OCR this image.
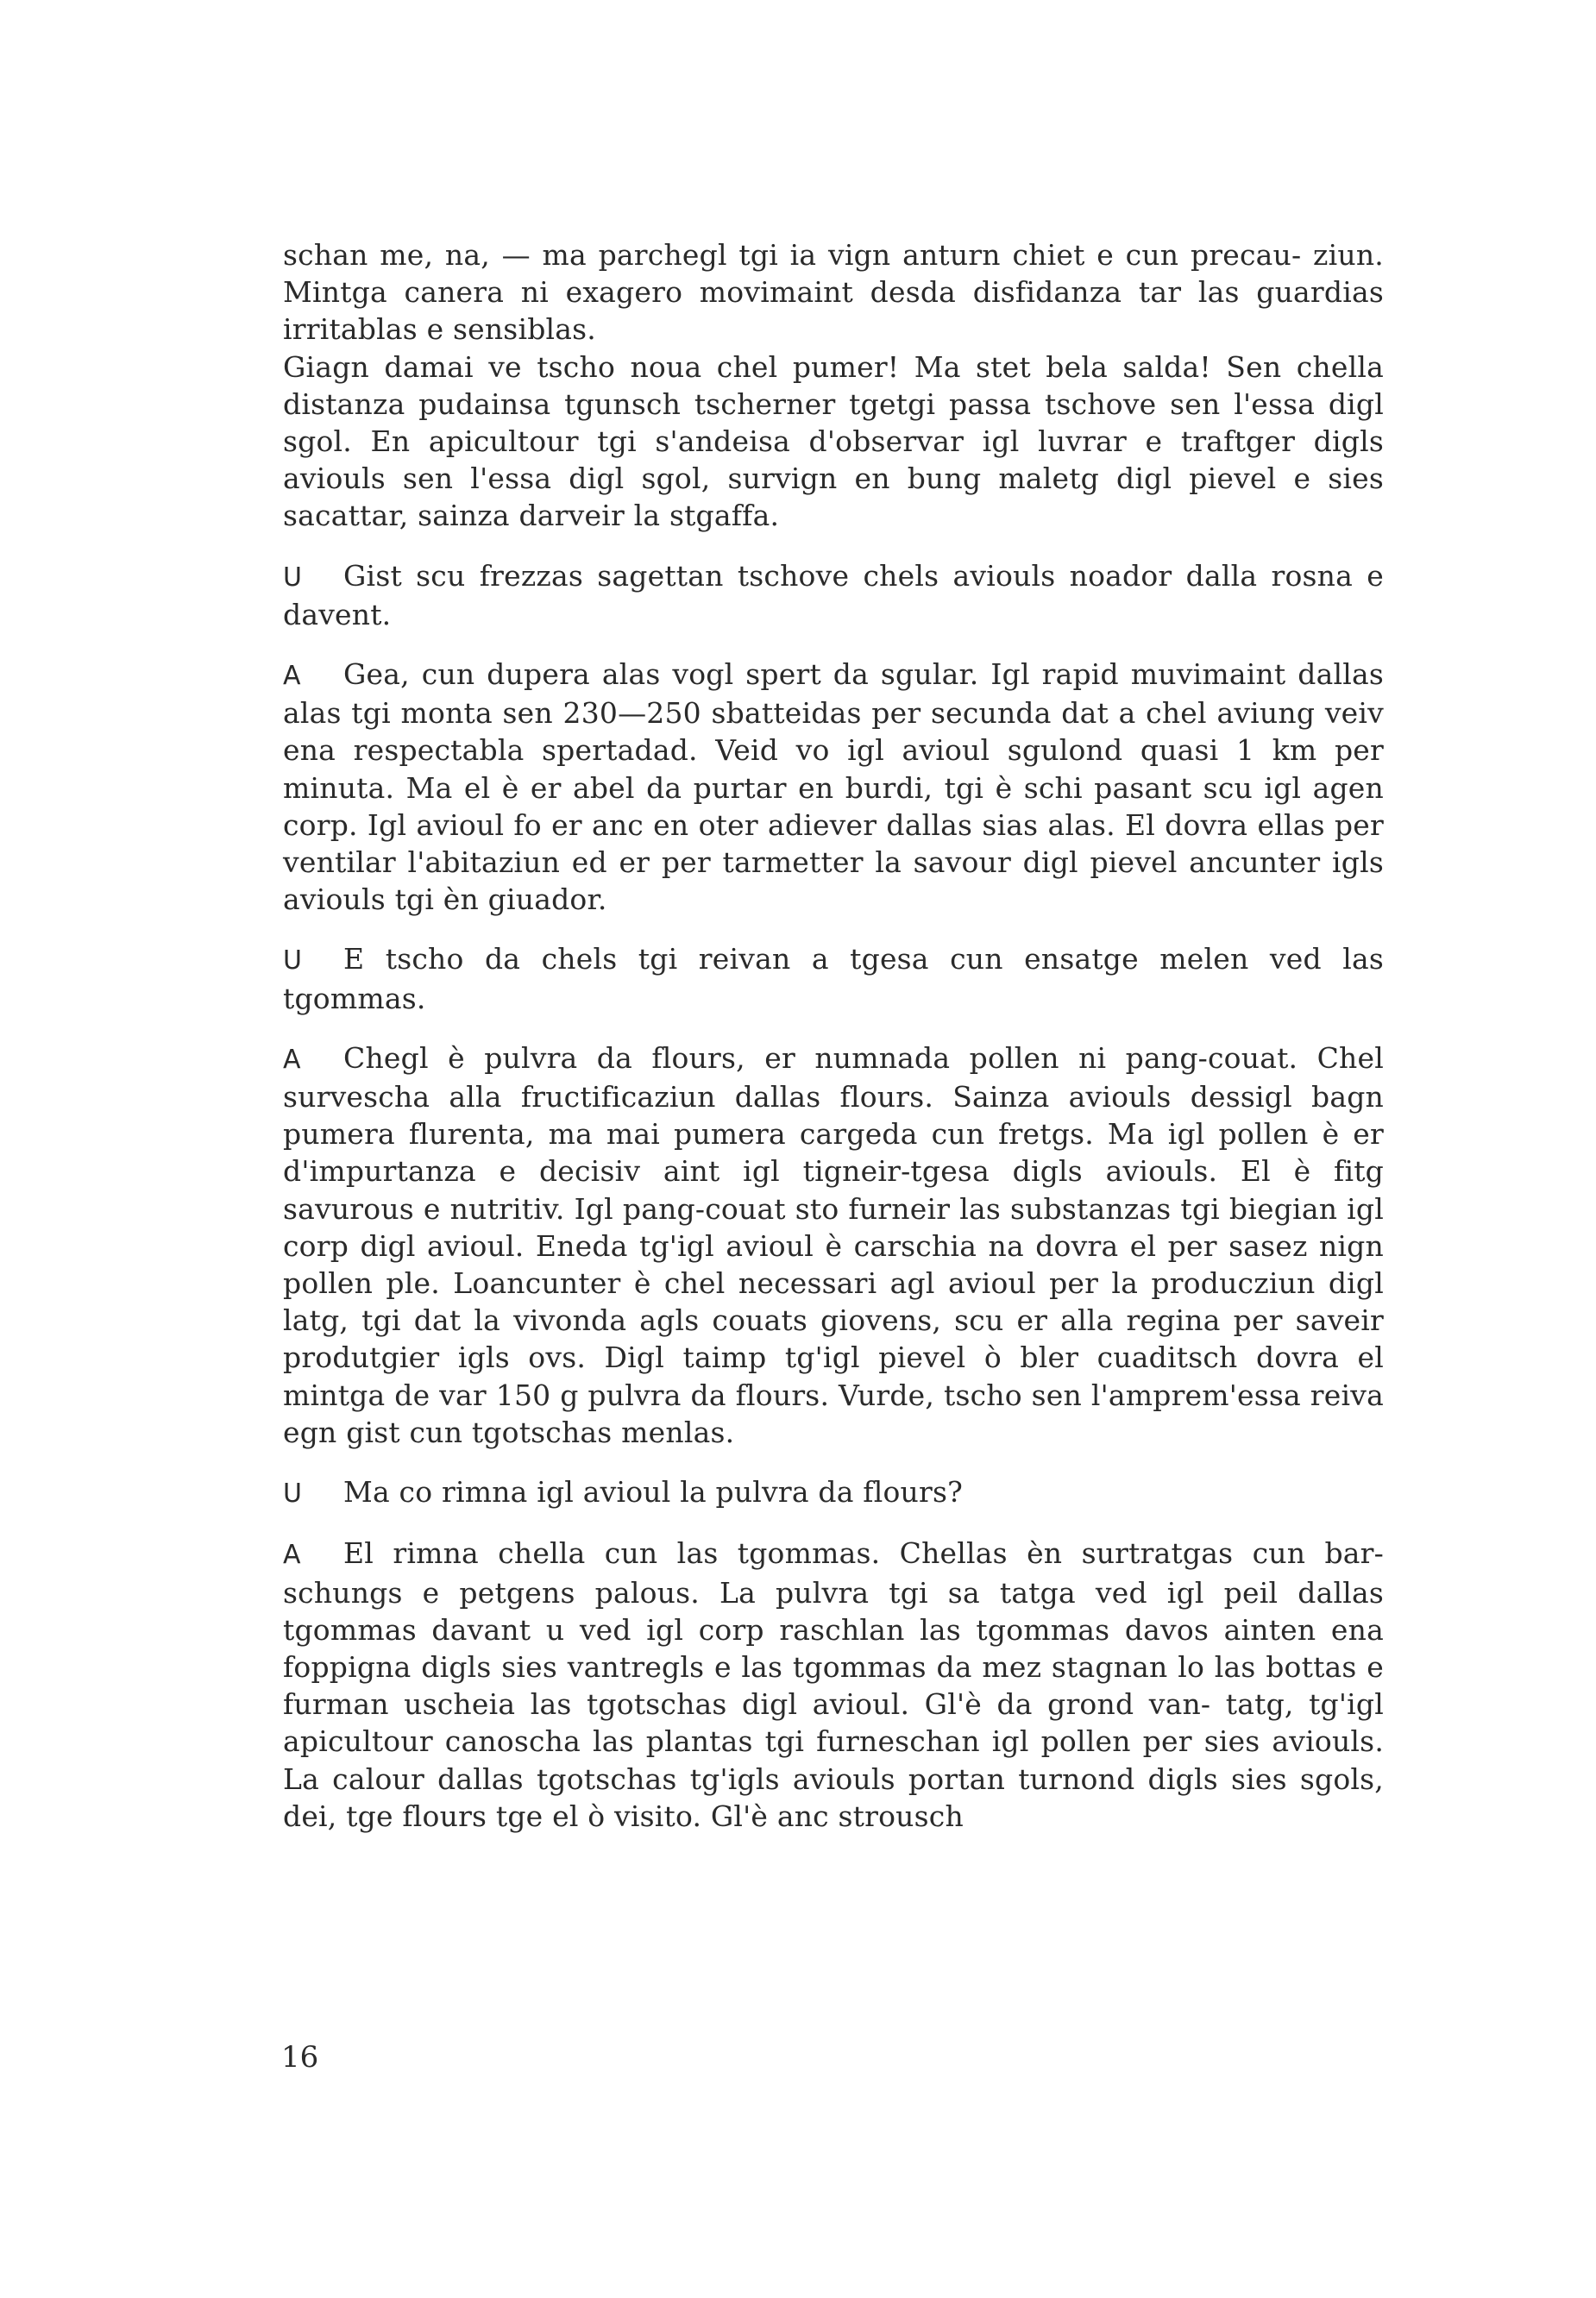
schan me, na, — ma parchegl tgi ia vign anturn chiet e cun precau- ziun. Mintga canera ni exagero movimaint desda disfidanza tar las guardias irritablas e sensiblas.

Giagn damai ve tscho noua chel pumer! Ma stet bela salda! Sen chella distanza pudainsa tgunsch tscherner tgetgi passa tschove sen l'essa digl sgol. En apicultour tgi s'andeisa d'observar igl luvrar e traftger digls aviouls sen l'essa digl sgol, survign en bung maletg digl pievel e sies sacattar, sainza darveir la stgaffa.

U Gist scu frezzas sagettan tschove chels aviouls noador dalla rosna e davent.

A Gea, cun dupera alas vogl spert da sgular. Igl rapid muvimaint dallas alas tgi monta sen 230—250 sbatteidas per secunda dat a chel aviung veiv ena respectabla spertadad. Veid vo igl avioul sgulond quasi 1 km per minuta. Ma el è er abel da purtar en burdi, tgi è schi pasant scu igl agen corp. Igl avioul fo er anc en oter adiever dallas sias alas. El dovra ellas per ventilar l'abitaziun ed er per tarmetter la savour digl pievel ancunter igls aviouls tgi èn giuador.

U E tscho da chels tgi reivan a tgesa cun ensatge melen ved las tgommas.

A Chegl è pulvra da flours, er numnada pollen ni pang-couat. Chel survescha alla fructificaziun dallas flours. Sainza aviouls dessigl bagn pumera flurenta, ma mai pumera cargeda cun fretgs. Ma igl pollen è er d'impurtanza e decisiv aint igl tigneir-tgesa digls aviouls. El è fitg savurous e nutritiv. Igl pang-couat sto furneir las substanzas tgi biegian igl corp digl avioul. Eneda tg'igl avioul è carschia na dovra el per sasez nign pollen ple. Loancunter è chel necessari agl avioul per la producziun digl latg, tgi dat la vivonda agls couats giovens, scu er alla regina per saveir produtgier igls ovs. Digl taimp tg'igl pievel ò bler cuaditsch dovra el mintga de var 150 g pulvra da flours. Vurde, tscho sen l'amprem'essa reiva egn gist cun tgotschas menlas.

U Ma co rimna igl avioul la pulvra da flours?

A El rimna chella cun las tgommas. Chellas èn surtratgas cun bar- schungs e petgens palous. La pulvra tgi sa tatga ved igl peil dallas tgommas davant u ved igl corp raschlan las tgommas davos ainten ena foppigna digls sies vantregls e las tgommas da mez stagnan lo las bottas e furman uscheia las tgotschas digl avioul. Gl'è da grond van- tatg, tg'igl apicultour canoscha las plantas tgi furneschan igl pollen per sies aviouls. La calour dallas tgotschas tg'igls aviouls portan turnond digls sies sgols, dei, tge flours tge el ò visito. Gl'è anc strousch

16
